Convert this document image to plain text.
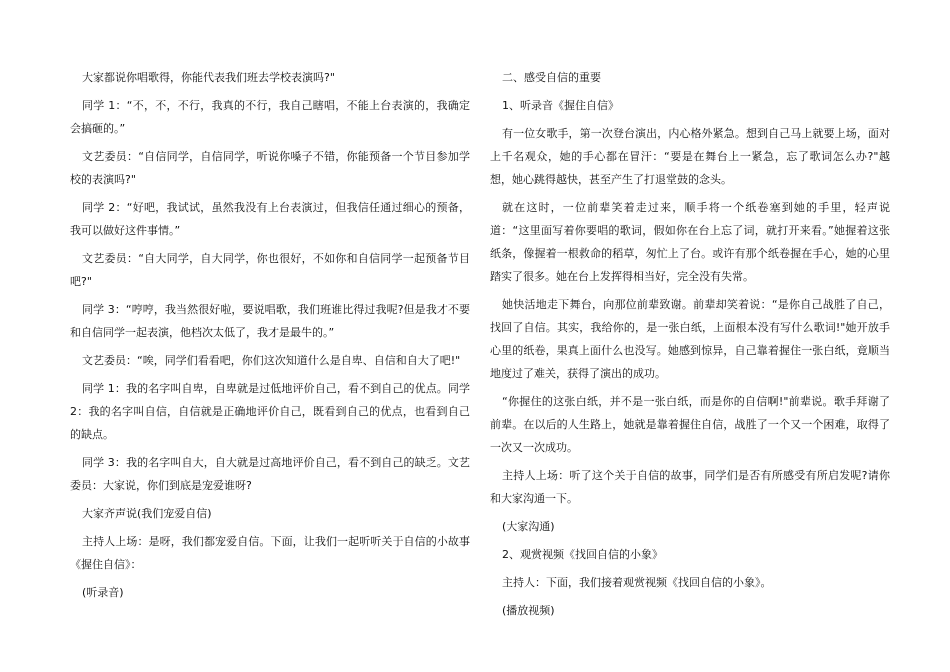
大家都说你唱歌得，你能代表我们班去学校表演吗?"

同学 1：“不，不，不行，我真的不行，我自己瞎唱，不能上台表演的，我确定会搞砸的。”

文艺委员：“自信同学，自信同学，听说你嗓子不错，你能预备一个节目参加学校的表演吗?"

同学 2：“好吧，我试试，虽然我没有上台表演过，但我信任通过细心的预备，我可以做好这件事情。”

文艺委员：“自大同学，自大同学，你也很好，不如你和自信同学一起预备节目吧?"

同学 3：“哼哼，我当然很好啦，要说唱歌，我们班谁比得过我呢?但是我才不要和自信同学一起表演，他档次太低了，我才是最牛的。”

文艺委员：“唉，同学们看看吧，你们这次知道什么是自卑、自信和自大了吧!"

同学 1：我的名字叫自卑，自卑就是过低地评价自己，看不到自己的优点。同学 2：我的名字叫自信，自信就是正确地评价自己，既看到自己的优点，也看到自己的缺点。

同学 3：我的名字叫自大，自大就是过高地评价自己，看不到自己的缺乏。文艺委员：大家说，你们到底是宠爱谁呀?

大家齐声说(我们宠爱自信)

主持人上场：是呀，我们都宠爱自信。下面，让我们一起听听关于自信的小故事《握住自信》：

(听录音)

二、感受自信的重要

1、听录音《握住自信》

有一位女歌手，第一次登台演出，内心格外紧急。想到自己马上就要上场，面对上千名观众，她的手心都在冒汗：“要是在舞台上一紧急，忘了歌词怎么办?"越想，她心跳得越快，甚至产生了打退堂鼓的念头。

就在这时，一位前辈笑着走过来，顺手将一个纸卷塞到她的手里，轻声说道：“这里面写着你要唱的歌词，假如你在台上忘了词，就打开来看。”她握着这张纸条，像握着一根救命的稻草，匆忙上了台。或许有那个纸卷握在手心，她的心里踏实了很多。她在台上发挥得相当好，完全没有失常。

她快活地走下舞台，向那位前辈致谢。前辈却笑着说：“是你自己战胜了自己，找回了自信。其实，我给你的，是一张白纸，上面根本没有写什么歌词!"她开放手心里的纸卷，果真上面什么也没写。她感到惊异，自己靠着握住一张白纸，竟顺当地度过了难关，获得了演出的成功。

“你握住的这张白纸，并不是一张白纸，而是你的自信啊!"前辈说。歌手拜谢了前辈。在以后的人生路上，她就是靠着握住自信，战胜了一个又一个困难，取得了一次又一次成功。

主持人上场：听了这个关于自信的故事，同学们是否有所感受有所启发呢?请你和大家沟通一下。

(大家沟通)

2、观赏视频《找回自信的小象》

主持人：下面，我们接着观赏视频《找回自信的小象》。

(播放视频)
